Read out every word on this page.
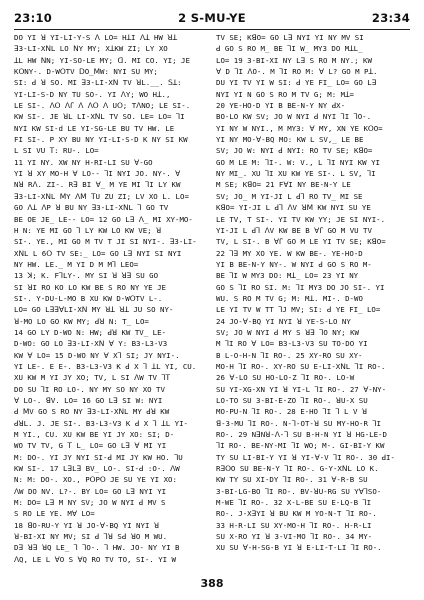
23:10	2 S-MU-YE	23:34
DO YI ꓤ YI-LI-Y-S ꓥ LO= HꓕI ꓥꓕ HW ꓤꓕ
ꓱ3-LI-XꓠL LO ꓠY MY; XꓕKW ZI; LY XO
ꓕL HW ꓠN; YI-SO-LE MY; ꓷ. MI CO. YI; JE
KꓳNY-. D-WꓳTV ꓓO_ꓟW: NYI SU MY;
SI: ꓒ ꓤ SO. MI ꓱ3-LI-Xꓠ TV ꓤL.__. ꓢꓕ:
YI-LI-S-D NY TU SO-. YI ꓥY; WO Hꓕ.,
LE SI-. ꓥꓳ ꓥꓩ ꓥ ꓥꓳ ꓥ Uꓳ; TꓥNO; LE SI-.
KW SI-. JE ꓤL LI-XꓠL TV SO. LE= LO= ꓶI
NYI KW SI-d LE YI-SG-LE BU TV HW. LE
FI SI-. P XY BU NY YI-LI-S-D K NY SI KW
L SI VU ꓔ: RU-. LO=
11 YI NY. XW NY H-RI-LI SU ꓯ-GO
YI ꓤ XY MO-H ꓯ LO-- ꓶI NYI JO. NY-. ꓯ
Nꓤ Rꓥ. ZI-. Rꓱ BI ꓯ_ M YE MI ꓶI LY KW
ꓱ3-LI-XꓠL ꓟY ꓥꓟ ꓔU ZU ZI; LV XO L. LO=
GO ꓥꓕ ꓥP ꓤ BU NY ꓱ3-LI-XꓠL ꓶ GO TV
BE OE JE_ LE-- LO= 12 GO Lꓱ ꓥ_ MI XY-MO-
H N: YE MI GO ꓶ LY KW LO KW VE; ꓤ
SI-. YE., MI GO M TV T JI SI NYI-. ꓱ3-LI-
XꓠL L 6ꓳ TV SE:_ LO= GO Lꓱ NYI SI NYI
NY HW. LE._ M YI D M Mꓶ LEO=
13 ꓘ; K. FꓶLY-. MY SI ꓤ ꓤꓱ SU GO
SI ꓤI RO KO LO KW BE S RO NY YE JE
SI-. Y-DU-L-MO B XU KW D-WꓳTV L-.
LO= GO LꓱꓱꓯLI-Xꓠ MY ꓤꓕ ꓤꓕ JU SO NY-
ꓤ-MO LO GO KW MY; ꓒꓤ N: T_ LO=
14 GO LY D-WO N: HW; ꓒꓤ KW TV_ LE-
D-WO: GO LO ꓱ3-LI-Xꓠ ꓯ Y: B3-L3-V3
KW ꓯ LO= 15 D-WO NY ꓯ Xꓶ SI; JY NYI-.
YI LE-. E E-. B3-L3-V3 K ꓒ X ꓶ ꓕL YI, CU.
XU KW M YI JY XO; TV, L SI ꓥW TV ꓶꓔ
DO SU ꓶI RO LO-. NY MY SO NY XO TV
ꓯ LO-. ꓭV. LO= 16 GO Lꓱ SI W: NYI
ꓒ ꓟV GO S RO NY ꓱ3-LI-XꓠL MY ꓒꓤ KW
ꓒꓤL. J. JE SI-. B3-L3-V3 K ꓒ X ꓶ ꓕL YI-
M YI., CU. XU KW BE YI JY XO: SI; D-
WO TV TV, G ꓔ L_ LO= GO Lꓱ ꓯ MI YI
M: DO-. YI JY NYI SI-ꓒ MI JY KW HO. ꓶU
KW SI-. 17 LꓱLꓱ BV_ LO-. SI-ꓒ :O-. ꓥW
N: M: DO-. XO., PꓳPꓳ JE SU YE YI XO:
ꓥW DO NV. L?-. BY LO= GO Lꓱ NYI YI
M: DO= Lꓱ M NY SV; JO W NYI ꓒ MV S
S RO LE YE. Mꓯ LO=
18 ꓭO-RU-Y YI ꓤ JO-ꓯ-BQ YI NYI ꓤ
ꓤ-BI-XI NY MV; SI ꓒ ꓶꓤ Sꓒ ꓤO M WU.
Dꓱ ꓤꓱ ꓤQ LE_ ꓶ ꓶO-. ꓶ HW. JO- NY YI B
ꓥQ, LE L ꓯO S ꓯQ RO TV TO, SI-. YI W
TV SE; KꓭO= GO Lꓱ NYI YI NY MV SI
ꓒ GO S RO M_ BE ꓶI W_ MY3 DO MꓕL_
LO= 19 3-BI-XI NY Lꓱ S RO M NY.; KW
ꓯ D ꓶI ꓥO-. M ꓶI RO M: ꓯ L? GO M Pꓕ.
DU YI TV YI W SI: ꓒ YE FI_ LO= GO Lꓱ
NYI YI N GO S RO M TV G; M: Mꓕ=
20 YE-HO-D YI B BE-N-Y NY ꓒX-
BO-LO KW SV; JO W NYI ꓒ NYI ꓶI ꓶO-.
YI NY W NYI., M MY3: ꓯ MY, XN YE KꓳO=
YI NY MO-ꓯ-BQ MO: KW L SV,_ LE BE
SV; JO W: NYI ꓒ NYI: RO TV SE; KꓭO=
GO M LE M: ꓶI-. W: V., L ꓶI NYI KW YI
NY MI_. XU ꓶI XU KW YE SI-. L SV, ꓶI
M SE; KꓭO= 21 FꓯI NY BE-N-Y LE
SV; JO_ M YI-JI L ꓒꓶ RO TV_ MI SE
KꓭO= YI-JI L ꓒꓶ ꓥV ꓤꓟ KW NYI SU YE
LE TV, T SI-. YI TV KW YY; JE SI NYI-.
YI-JI L ꓒꓶ ꓥV KW BE B ꓯꓩ GO M VU TV
TV, L SI-. B ꓯꓩ GO M LE YI TV SE; KꓭO=
22 ꓶꓱ MY XO YE. W KW BE-. YE-HO-D
YI B BE-N-Y NY-. W NYI ꓒ GO S RO M-
BE ꓶI W MY3 DO: Mꓕ_ LO= 23 YI NY
GO S ꓶI RO SI. M: ꓶI MY3 DO JO SI-. YI
WU. S RO M TV G; M: Mꓕ. MI-. D-WO
LE YI TV W TT ꓶJ MV; SI: ꓒ YE FI_ LO=
24 JO-ꓯ-BQ YI NYI ꓤ YE-S-LO NY
SV; JO W NYI ꓒ MY S ꓤꓱ ꓶO NY; KW
M ꓶI RO ꓯ LO= B3-L3-V3 SU TO-DO YI
B L-O-H-N ꓶI RO-. 25 XY-RO SU XY-
MO-H ꓶI RO-. XY-RO SU E-LI-XꓠL ꓶI RO-.
26 ꓯ-LO SU HO-LO-Z ꓶI RO-. LO-W
SU YI-XG-XN YI ꓤ YI-L ꓶI RO-. 27 ꓯ-NY-
LO-TO SU 3-BI-E-ZO ꓶI RO-. ꓤU-X SU
MO-PU-N ꓶI RO-. 28 E-HO ꓶI ꓶ L V ꓤ
ꓭ-3-MU ꓶI RO-. N-ꓶ-OT-ꓤ SU MY-HO-R ꓶI
RO-. 29 NꓱNꓤ-ꓥ-ꓶ SU B-H-N YI ꓤ HG-LE-D
ꓶI RO-. BE-NY-MI ꓶI WO; M-. GI-BI-Y KW
TY SU LI-BI-Y YI ꓤ YI-ꓯ-V ꓶI RO-. 30 ꓒI-
RꓱꓳO SU BE-N-Y ꓶI RO-. G-Y-XꓠL LO K.
KW TY SU XI-DY ꓶI RO-. 31 ꓯ-R-B SU
3-BI-LG-BO ꓶI RO-. BV-ꓤU-RG SU YꓯꓶSO-
M-WE ꓶI RO-. 32 X-L-BE SU E-LQ-B ꓶI
RO-. J-XꓱYI ꓤ BU KW M YO-N-T ꓶI RO-.
33 H-R-LI SU XY-MO-H ꓶI RO-. H-R-LI
SU X-RO YI ꓤ 3-VI-MO ꓶI RO-. 34 MY-
XU SU ꓯ-H-SG-B YI ꓤ E-LI-T-LI ꓶI RO-.
388
